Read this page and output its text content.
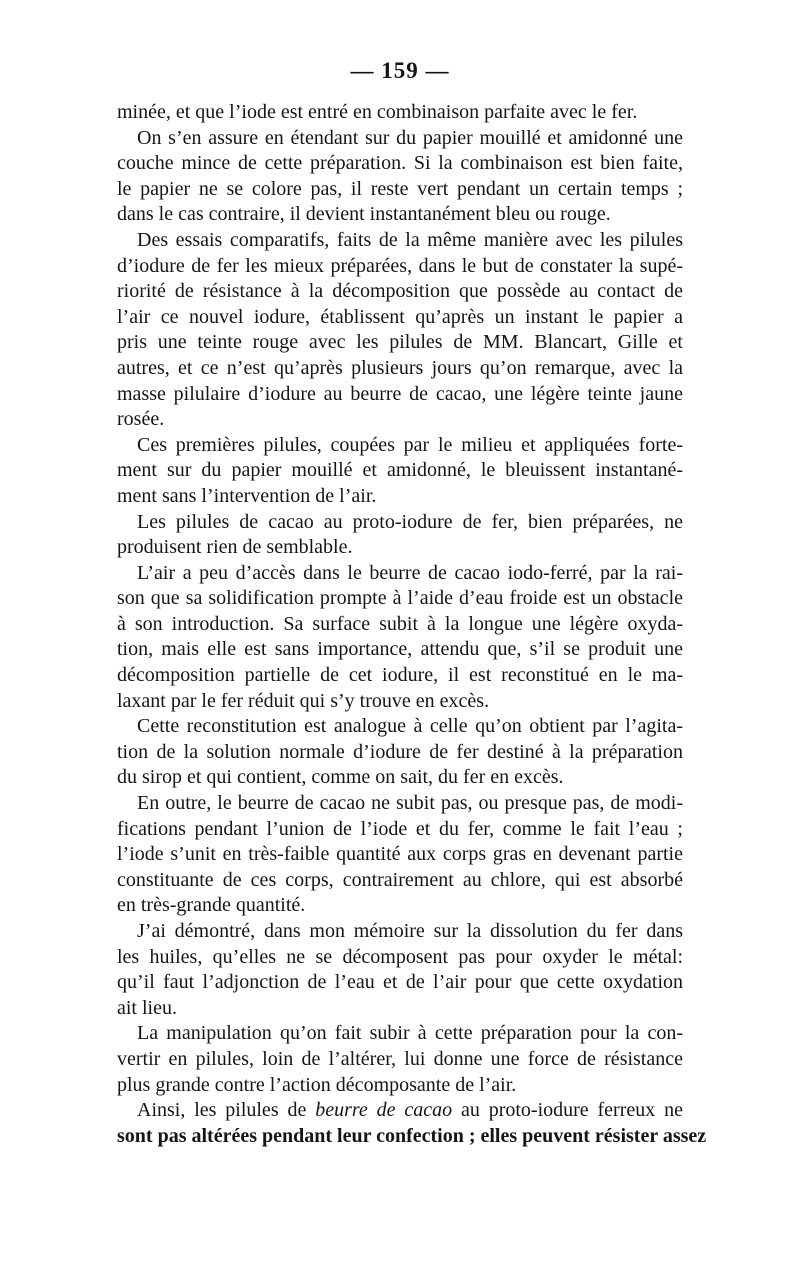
— 159 —

minée, et que l’iode est entré en combinaison parfaite avec le fer.

On s’en assure en étendant sur du papier mouillé et amidonné une
couche mince de cette préparation. Si la combinaison est bien faite,
le papier ne se colore pas, il reste vert pendant un certain temps ;
dans le cas contraire, il devient instantanément bleu ou rouge.

Des essais comparatifs, faits de la même manière avec les pilules
d’iodure de fer les mieux préparées, dans le but de constater la supé-
riorité de résistance à la décomposition que possède au contact de
l’air ce nouvel iodure, établissent qu’après un instant le papier a
pris une teinte rouge avec les pilules de MM. Blancart, Gille et
autres, et ce n’est qu’après plusieurs jours qu’on remarque, avec la
masse pilulaire d’iodure au beurre de cacao, une légère teinte jaune
rosée.

Ces premières pilules, coupées par le milieu et appliquées forte-
ment sur du papier mouillé et amidonné, le bleuissent instantané-
ment sans l’intervention de l’air.

Les pilules de cacao au proto-iodure de fer, bien préparées, ne
produisent rien de semblable.

L’air a peu d’accès dans le beurre de cacao iodo-ferré, par la rai-
son que sa solidification prompte à l’aide d’eau froide est un obstacle
à son introduction. Sa surface subit à la longue une légère oxyda-
tion, mais elle est sans importance, attendu que, s’il se produit une
décomposition partielle de cet iodure, il est reconstitué en le ma-
laxant par le fer réduit qui s’y trouve en excès.

Cette reconstitution est analogue à celle qu’on obtient par l’agita-
tion de la solution normale d’iodure de fer destiné à la préparation
du sirop et qui contient, comme on sait, du fer en excès.

En outre, le beurre de cacao ne subit pas, ou presque pas, de modi-
fications pendant l’union de l’iode et du fer, comme le fait l’eau ;
l’iode s’unit en très-faible quantité aux corps gras en devenant partie
constituante de ces corps, contrairement au chlore, qui est absorbé
en très-grande quantité.

J’ai démontré, dans mon mémoire sur la dissolution du fer dans
les huiles, qu’elles ne se décomposent pas pour oxyder le métal:
qu’il faut l’adjonction de l’eau et de l’air pour que cette oxydation
ait lieu.

La manipulation qu’on fait subir à cette préparation pour la con-
vertir en pilules, loin de l’altérer, lui donne une force de résistance
plus grande contre l’action décomposante de l’air.

Ainsi, les pilules de beurre de cacao au proto-iodure ferreux ne
sont pas altérées pendant leur confection ; elles peuvent résister assez
